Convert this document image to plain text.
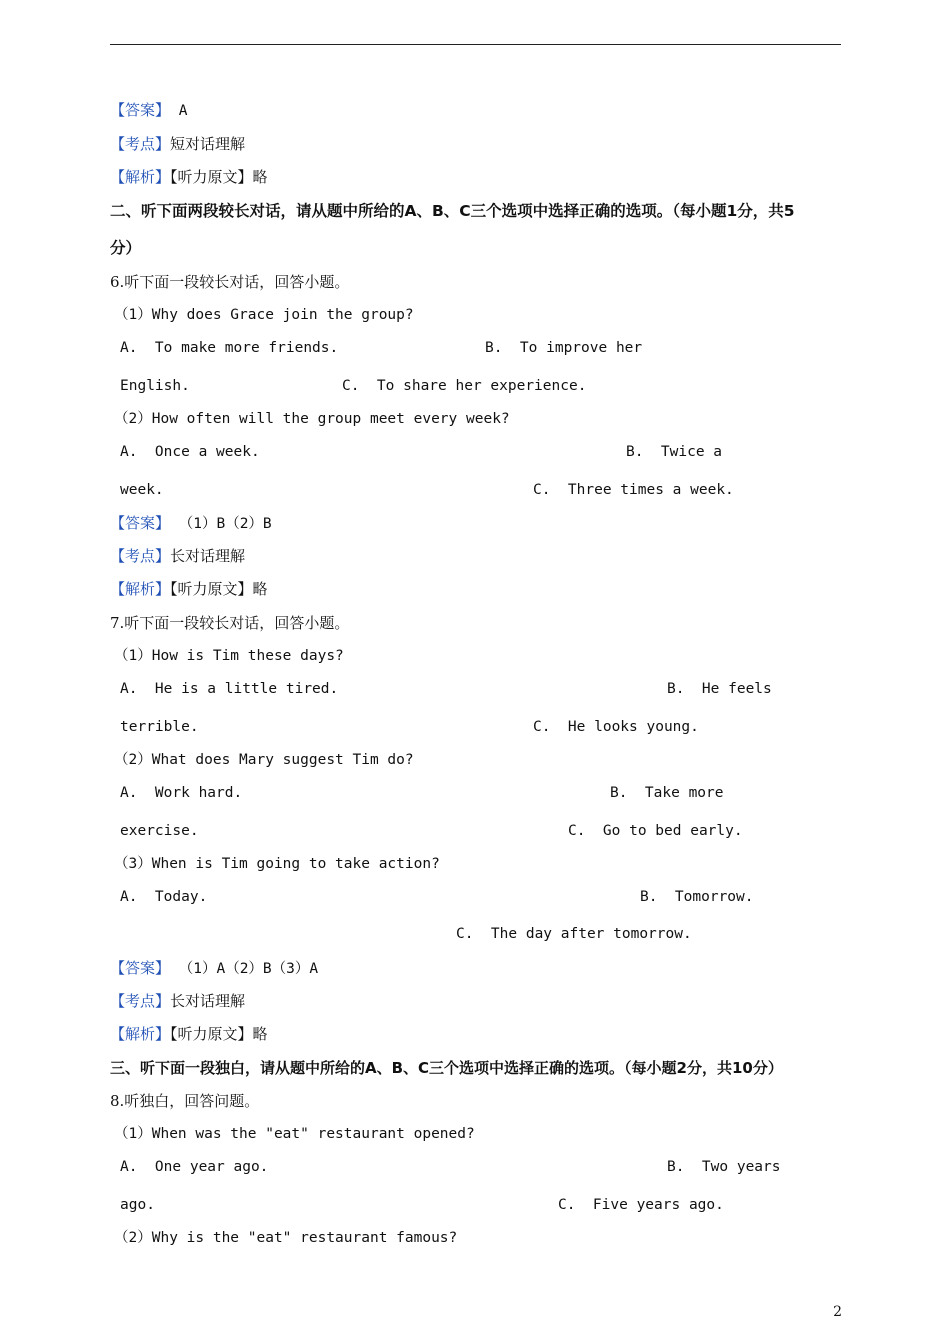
【答案】 A
【考点】短对话理解
【解析】【听力原文】略
二、听下面两段较长对话，请从题中所给的A、B、C三个选项中选择正确的选项。（每小题1分，共5
分）
6.听下面一段较长对话，回答小题。
（1）Why does Grace join the group?
A.  To make more friends.	B.  To improve her
English.	C.  To share her experience.
（2）How often will the group meet every week?
A.  Once a week.	B.  Twice a
week.	C.  Three times a week.
【答案】 （1）B（2）B
【考点】长对话理解
【解析】【听力原文】略
7.听下面一段较长对话，回答小题。
（1）How is Tim these days?
A.  He is a little tired.	B.  He feels
terrible.	C.  He looks young.
（2）What does Mary suggest Tim do?
A.  Work hard.	B.  Take more
exercise.	C.  Go to bed early.
（3）When is Tim going to take action?
A.  Today.	B.  Tomorrow.
C.  The day after tomorrow.
【答案】 （1）A（2）B（3）A
【考点】长对话理解
【解析】【听力原文】略
三、听下面一段独白，请从题中所给的A、B、C三个选项中选择正确的选项。（每小题2分，共10分）
8.听独白，回答问题。
（1）When was the "eat" restaurant opened?
A.  One year ago.	B.  Two years
ago.	C.  Five years ago.
（2）Why is the "eat" restaurant famous?
2
